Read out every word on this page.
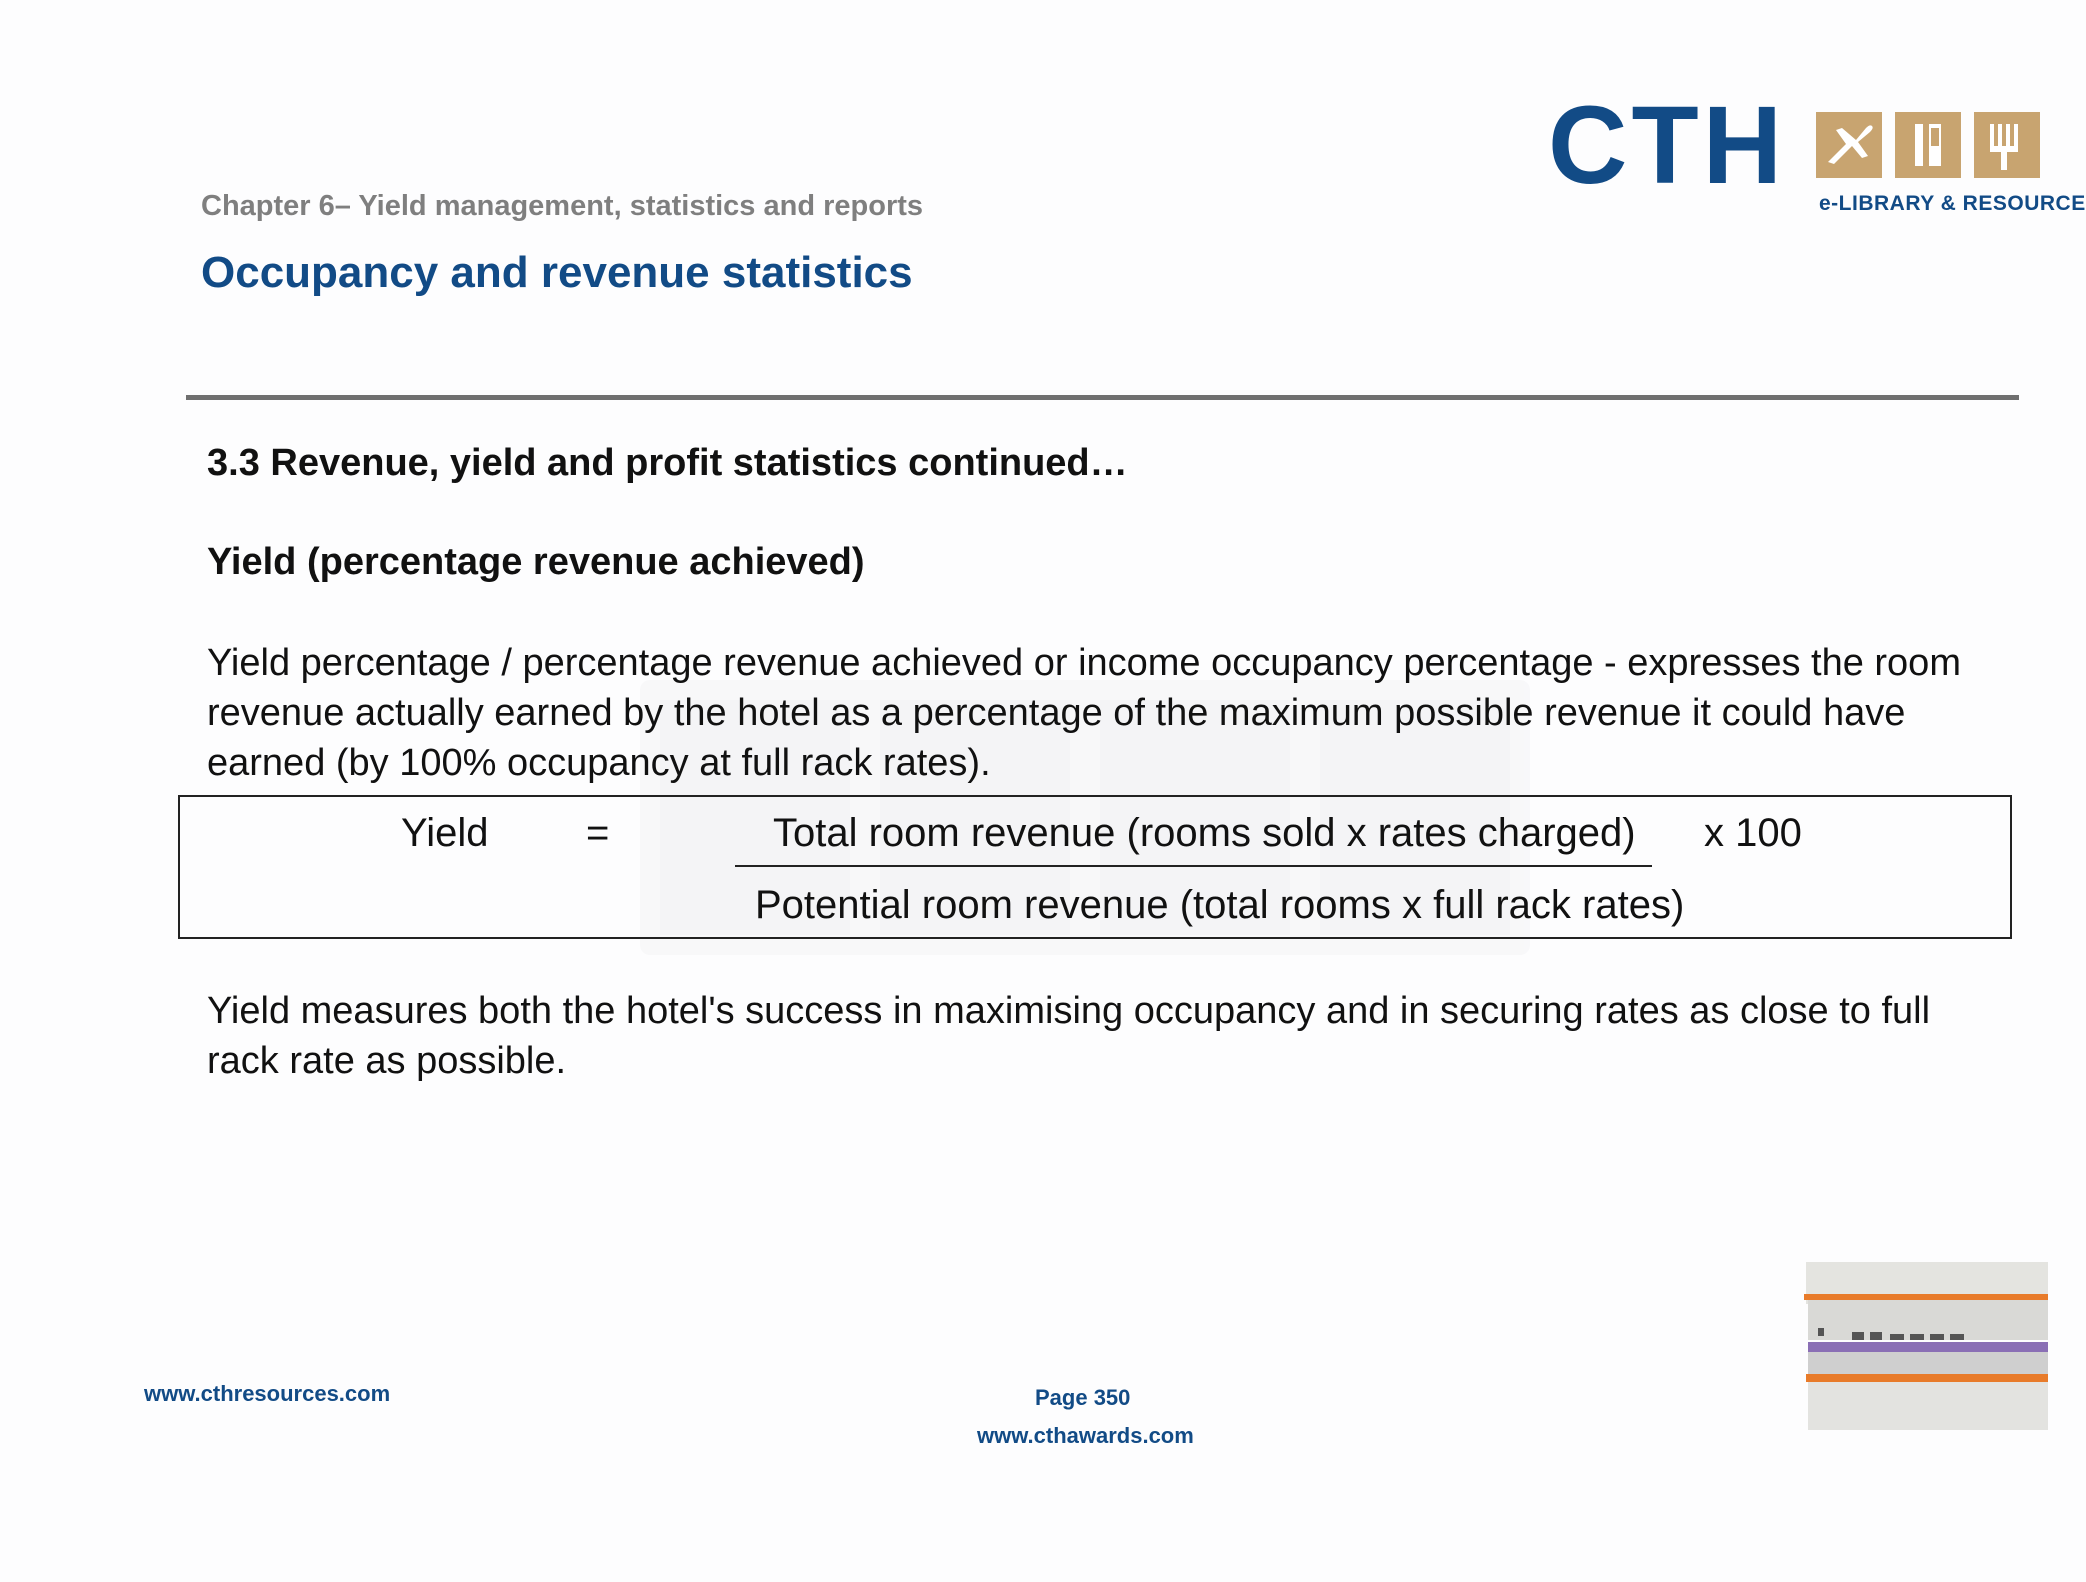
Chapter 6– Yield management, statistics and reports
Occupancy and revenue statistics
CTH e-LIBRARY & RESOURCE
3.3 Revenue, yield and profit statistics continued…
Yield (percentage revenue achieved)
Yield percentage / percentage revenue achieved or income occupancy percentage - expresses the room revenue actually earned by the hotel as a percentage of the maximum possible revenue it could have earned (by 100% occupancy at full rack rates).
Yield =	Total room revenue (rooms sold x rates charged) x 100
Potential room revenue (total rooms x full rack rates)
Yield measures both the hotel's success in maximising occupancy and in securing rates as close to full rack rate as possible.
www.cthresources.com	Page 350
www.cthawards.com
